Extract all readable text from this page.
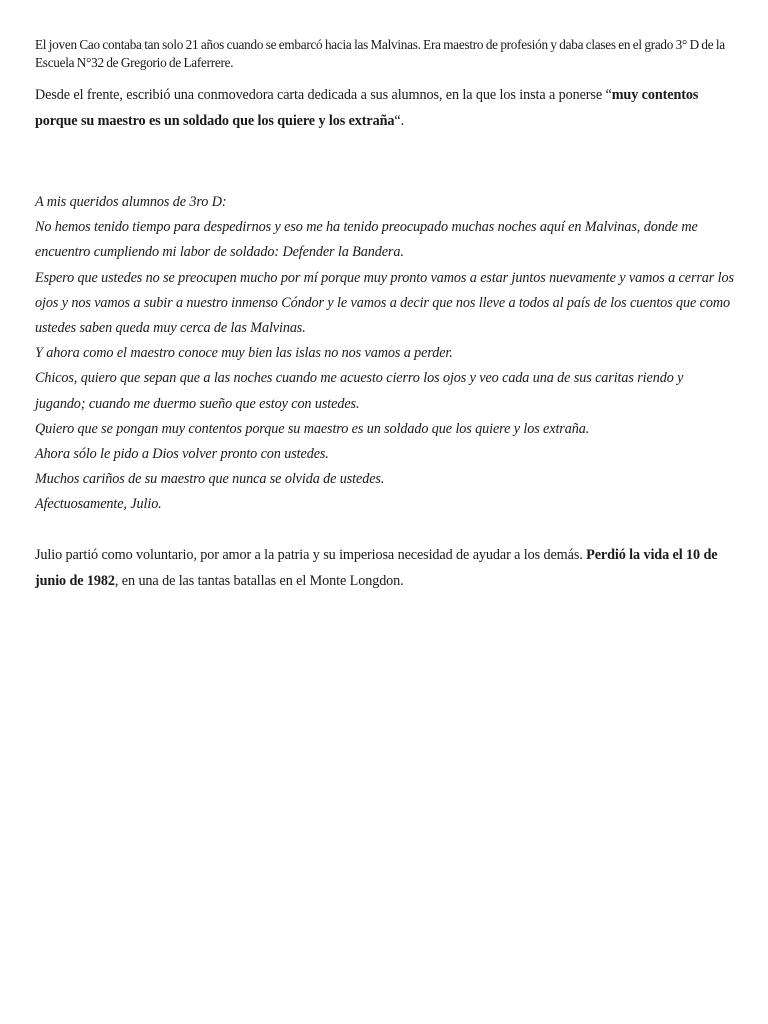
El joven Cao contaba tan solo 21 años cuando se embarcó hacia las Malvinas. Era maestro de profesión y daba clases en el grado 3° D de la Escuela N°32 de Gregorio de Laferrere.

Desde el frente, escribió una conmovedora carta dedicada a sus alumnos, en la que los insta a ponerse “muy contentos porque su maestro es un soldado que los quiere y los extraña“.

A mis queridos alumnos de 3ro D:

No hemos tenido tiempo para despedirnos y eso me ha tenido preocupado muchas noches aquí en Malvinas, donde me encuentro cumpliendo mi labor de soldado: Defender la Bandera.

Espero que ustedes no se preocupen mucho por mí porque muy pronto vamos a estar juntos nuevamente y vamos a cerrar los ojos y nos vamos a subir a nuestro inmenso Cóndor y le vamos a decir que nos lleve a todos al país de los cuentos que como ustedes saben queda muy cerca de las Malvinas.

Y ahora como el maestro conoce muy bien las islas no nos vamos a perder.

Chicos, quiero que sepan que a las noches cuando me acuesto cierro los ojos y veo cada una de sus caritas riendo y jugando; cuando me duermo sueño que estoy con ustedes.

Quiero que se pongan muy contentos porque su maestro es un soldado que los quiere y los extraña.

Ahora sólo le pido a Dios volver pronto con ustedes.

Muchos cariños de su maestro que nunca se olvida de ustedes.

Afectuosamente, Julio.

Julio partió como voluntario, por amor a la patria y su imperiosa necesidad de ayudar a los demás. Perdió la vida el 10 de junio de 1982, en una de las tantas batallas en el Monte Longdon.
